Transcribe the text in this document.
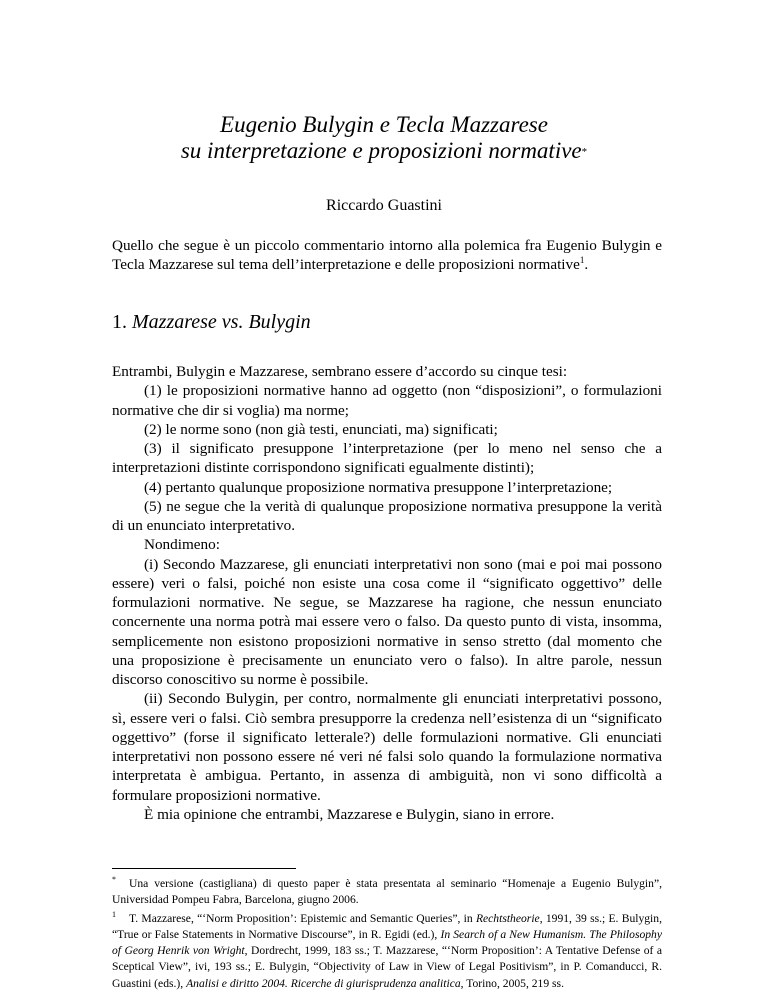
Eugenio Bulygin e Tecla Mazzarese
su interpretazione e proposizioni normative*
Riccardo Guastini

Quello che segue è un piccolo commentario intorno alla polemica fra Eugenio Bulygin e Tecla Mazzarese sul tema dell’interpretazione e delle proposizioni normative$^1$.

1. Mazzarese vs. Bulygin

Entrambi, Bulygin e Mazzarese, sembrano essere d’accordo su cinque tesi:

(1) le proposizioni normative hanno ad oggetto (non “disposizioni”, o formulazioni normative che dir si voglia) ma norme;

(2) le norme sono (non già testi, enunciati, ma) significati;

(3) il significato presuppone l’interpretazione (per lo meno nel senso che a interpretazioni distinte corrispondono significati egualmente distinti);

(4) pertanto qualunque proposizione normativa presuppone l’interpretazione;

(5) ne segue che la verità di qualunque proposizione normativa presuppone la verità di un enunciato interpretativo.

Nondimeno:

(i) Secondo Mazzarese, gli enunciati interpretativi non sono (mai e poi mai possono essere) veri o falsi, poiché non esiste una cosa come il “significato oggettivo” delle formulazioni normative. Ne segue, se Mazzarese ha ragione, che nessun enunciato concernente una norma potrà mai essere vero o falso. Da questo punto di vista, insomma, semplicemente non esistono proposizioni normative in senso stretto (dal momento che una proposizione è precisamente un enunciato vero o falso). In altre parole, nessun discorso conoscitivo su norme è possibile.

(ii) Secondo Bulygin, per contro, normalmente gli enunciati interpretativi possono, sì, essere veri o falsi. Ciò sembra presupporre la credenza nell’esistenza di un “significato oggettivo” (forse il significato letterale?) delle formulazioni normative. Gli enunciati interpretativi non possono essere né veri né falsi solo quando la formulazione normativa interpretata è ambigua. Pertanto, in assenza di ambiguità, non vi sono difficoltà a formulare proposizioni normative.

È mia opinione che entrambi, Mazzarese e Bulygin, siano in errore.

* Una versione (castigliana) di questo paper è stata presentata al seminario “Homenaje a Eugenio Bulygin”, Universidad Pompeu Fabra, Barcelona, giugno 2006.

1 T. Mazzarese, “‘Norm Proposition’: Epistemic and Semantic Queries”, in Rechtstheorie, 1991, 39 ss.; E. Bulygin, “True or False Statements in Normative Discourse”, in R. Egidi (ed.), In Search of a New Humanism. The Philosophy of Georg Henrik von Wright, Dordrecht, 1999, 183 ss.; T. Mazzarese, “‘Norm Proposition’: A Tentative Defense of a Sceptical View”, ivi, 193 ss.; E. Bulygin, “Objectivity of Law in View of Legal Positivism”, in P. Comanducci, R. Guastini (eds.), Analisi e diritto 2004. Ricerche di giurisprudenza analitica, Torino, 2005, 219 ss.
